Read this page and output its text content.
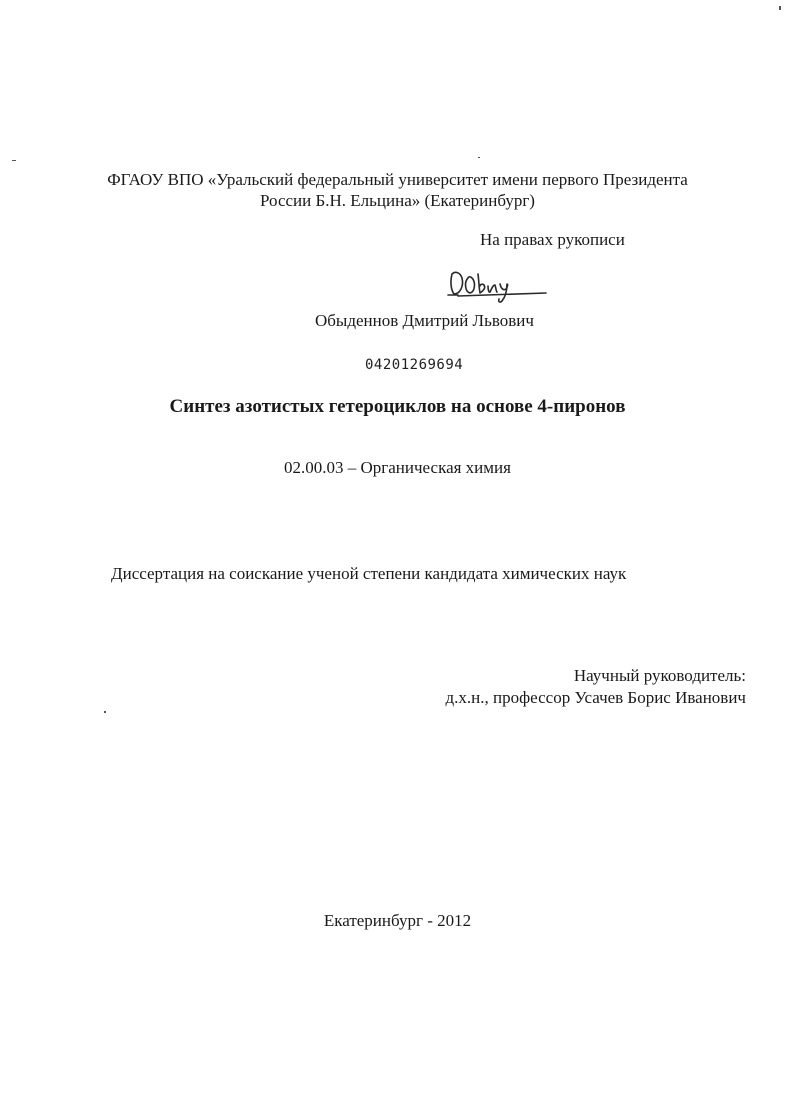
ФГАОУ ВПО «Уральский федеральный университет имени первого Президента
России Б.Н. Ельцина» (Екатеринбург)
На правах рукописи
Обыденнов Дмитрий Львович
04201269694
Синтез азотистых гетероциклов на основе 4-пиронов
02.00.03 – Органическая химия
Диссертация на соискание ученой степени кандидата химических наук
Научный руководитель:
д.х.н., профессор Усачев Борис Иванович
Екатеринбург - 2012
